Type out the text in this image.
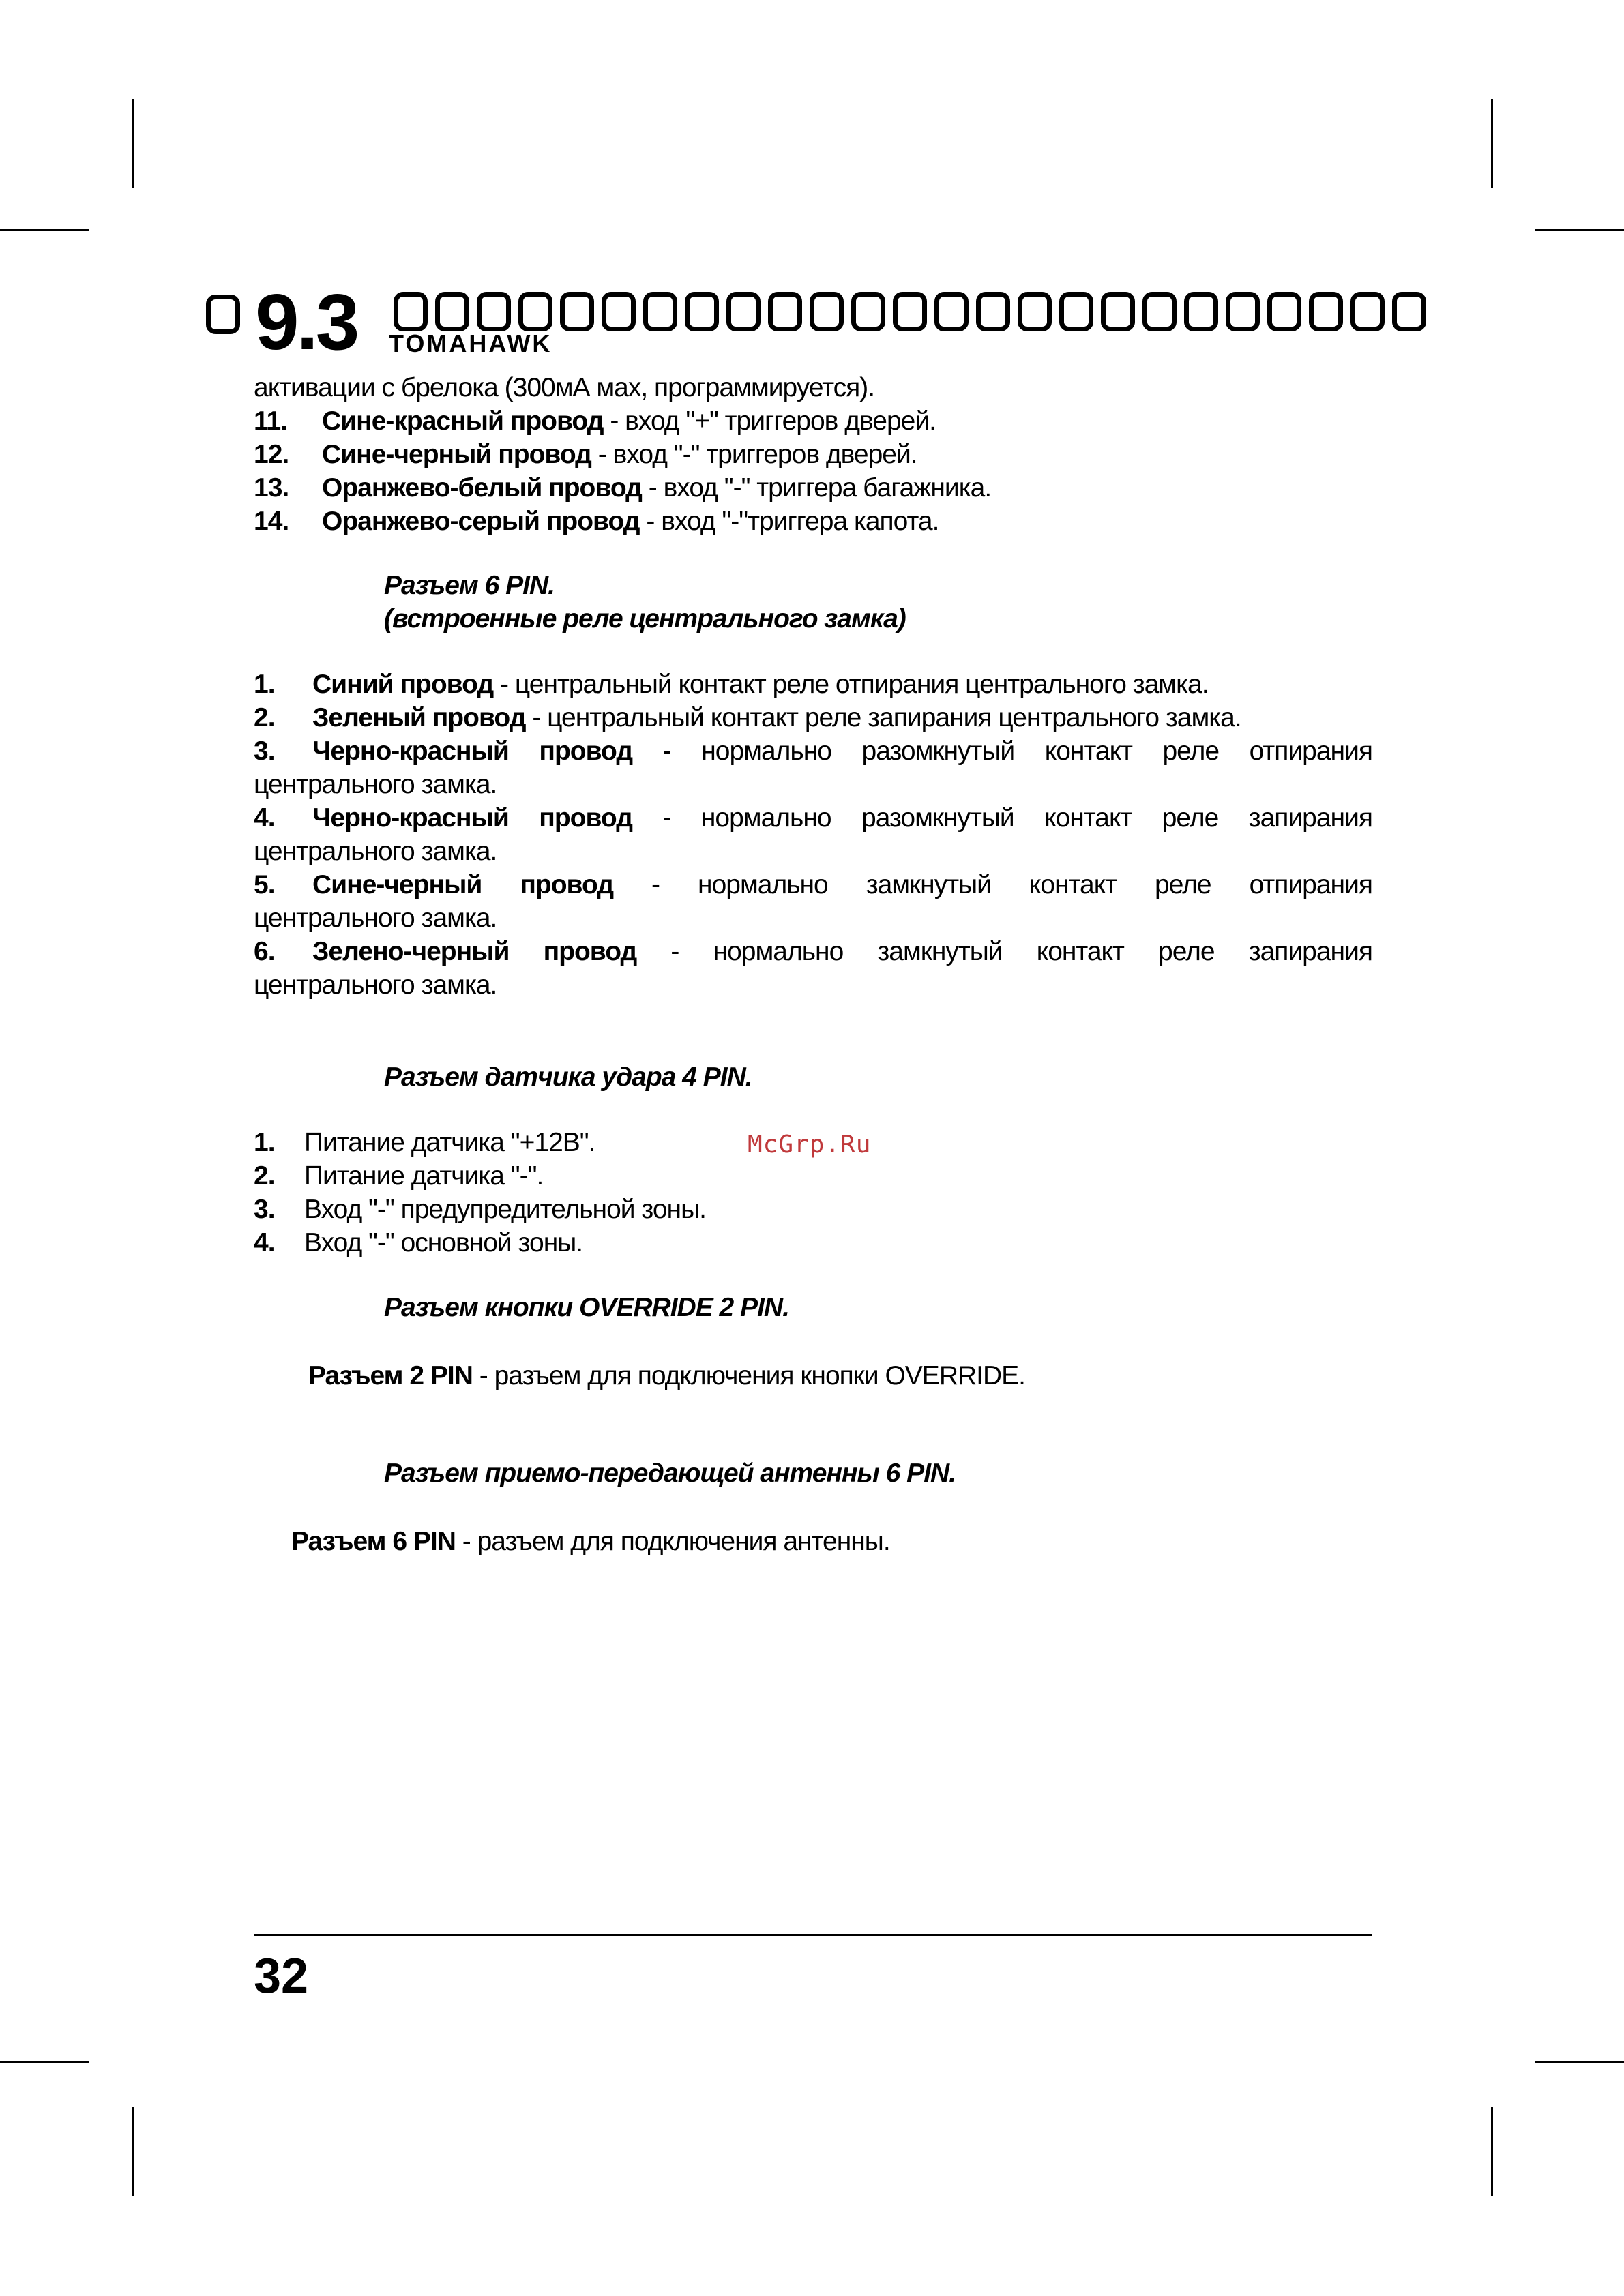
9.3 TOMAHAWK
активации с брелока (300мА мах, программируется).
11. Сине-красный провод - вход "+" триггеров дверей.
12. Сине-черный провод - вход "-" триггеров дверей.
13. Оранжево-белый провод - вход "-" триггера багажника.
14. Оранжево-серый провод - вход "-"триггера капота.
Разъем 6 PIN.
(встроенные реле центрального замка)
1. Синий провод - центральный контакт реле отпирания центрального замка.
2. Зеленый провод - центральный контакт реле запирания центрального замка.
3. Черно-красный провод - нормально разомкнутый контакт реле отпирания
центрального замка.
4. Черно-красный провод - нормально разомкнутый контакт реле запирания
центрального замка.
5. Сине-черный провод - нормально замкнутый контакт реле отпирания
центрального замка.
6. Зелено-черный провод - нормально замкнутый контакт реле запирания
центрального замка.
Разъем датчика удара 4 PIN.
1. Питание датчика "+12В".
2. Питание датчика "-".
3. Вход "-" предупредительной зоны.
4. Вход "-" основной зоны.
McGrp.Ru
Разъем кнопки OVERRIDE 2 PIN.
Разъем 2 PIN - разъем для подключения кнопки OVERRIDE.
Разъем приемо-передающей антенны 6 PIN.
Разъем 6 PIN - разъем для подключения антенны.
32
